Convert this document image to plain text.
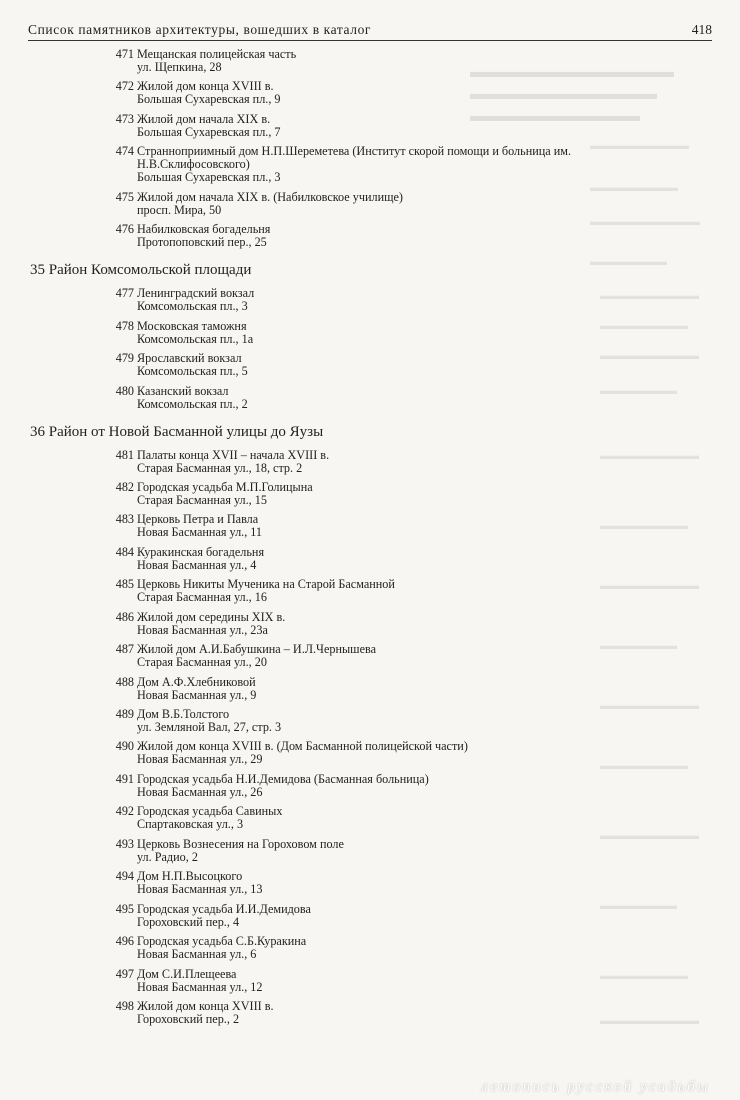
▬▬▬▬▬▬▬▬▬▬▬▬
▬▬▬▬▬▬▬▬▬▬▬
▬▬▬▬▬▬▬▬▬▬
▬▬▬▬▬▬▬▬▬
▬▬▬▬▬▬▬▬
▬▬▬▬▬▬▬▬▬▬
▬▬▬▬▬▬▬
▬▬▬▬▬▬▬▬▬
▬▬▬▬▬▬▬▬
▬▬▬▬▬▬▬▬▬
▬▬▬▬▬▬▬
▬▬▬▬▬▬▬▬▬
▬▬▬▬▬▬▬▬
▬▬▬▬▬▬▬▬▬
▬▬▬▬▬▬▬
▬▬▬▬▬▬▬▬▬
▬▬▬▬▬▬▬▬
▬▬▬▬▬▬▬▬▬
▬▬▬▬▬▬▬
▬▬▬▬▬▬▬▬
▬▬▬▬▬▬▬▬▬
Список памятников архитектуры, вошедших в каталог	418
471 Мещанская полицейская часть
ул. Щепкина, 28
472 Жилой дом конца XVIII в.
Большая Сухаревская пл., 9
473 Жилой дом начала XIX в.
Большая Сухаревская пл., 7
474 Странноприимный дом Н.П.Шереметева (Институт скорой помощи и больница им. Н.В.Склифосовского)
Большая Сухаревская пл., 3
475 Жилой дом начала XIX в. (Набилковское училище)
просп. Мира, 50
476 Набилковская богадельня
Протопоповский пер., 25
35 Район Комсомольской площади
477 Ленинградский вокзал
Комсомольская пл., 3
478 Московская таможня
Комсомольская пл., 1а
479 Ярославский вокзал
Комсомольская пл., 5
480 Казанский вокзал
Комсомольская пл., 2
36 Район от Новой Басманной улицы до Яузы
481 Палаты конца XVII – начала XVIII в.
Старая Басманная ул., 18, стр. 2
482 Городская усадьба М.П.Голицына
Старая Басманная ул., 15
483 Церковь Петра и Павла
Новая Басманная ул., 11
484 Куракинская богадельня
Новая Басманная ул., 4
485 Церковь Никиты Мученика на Старой Басманной
Старая Басманная ул., 16
486 Жилой дом середины XIX в.
Новая Басманная ул., 23а
487 Жилой дом А.И.Бабушкина – И.Л.Чернышева
Старая Басманная ул., 20
488 Дом А.Ф.Хлебниковой
Новая Басманная ул., 9
489 Дом В.Б.Толстого
ул. Земляной Вал, 27, стр. 3
490 Жилой дом конца XVIII в. (Дом Басманной полицейской части)
Новая Басманная ул., 29
491 Городская усадьба Н.И.Демидова (Басманная больница)
Новая Басманная ул., 26
492 Городская усадьба Савиных
Спартаковская ул., 3
493 Церковь Вознесения на Гороховом поле
ул. Радио, 2
494 Дом Н.П.Высоцкого
Новая Басманная ул., 13
495 Городская усадьба И.И.Демидова
Гороховский пер., 4
496 Городская усадьба С.Б.Куракина
Новая Басманная ул., 6
497 Дом С.И.Плещеева
Новая Басманная ул., 12
498 Жилой дом конца XVIII в.
Гороховский пер., 2
летопись русской усадьбы
